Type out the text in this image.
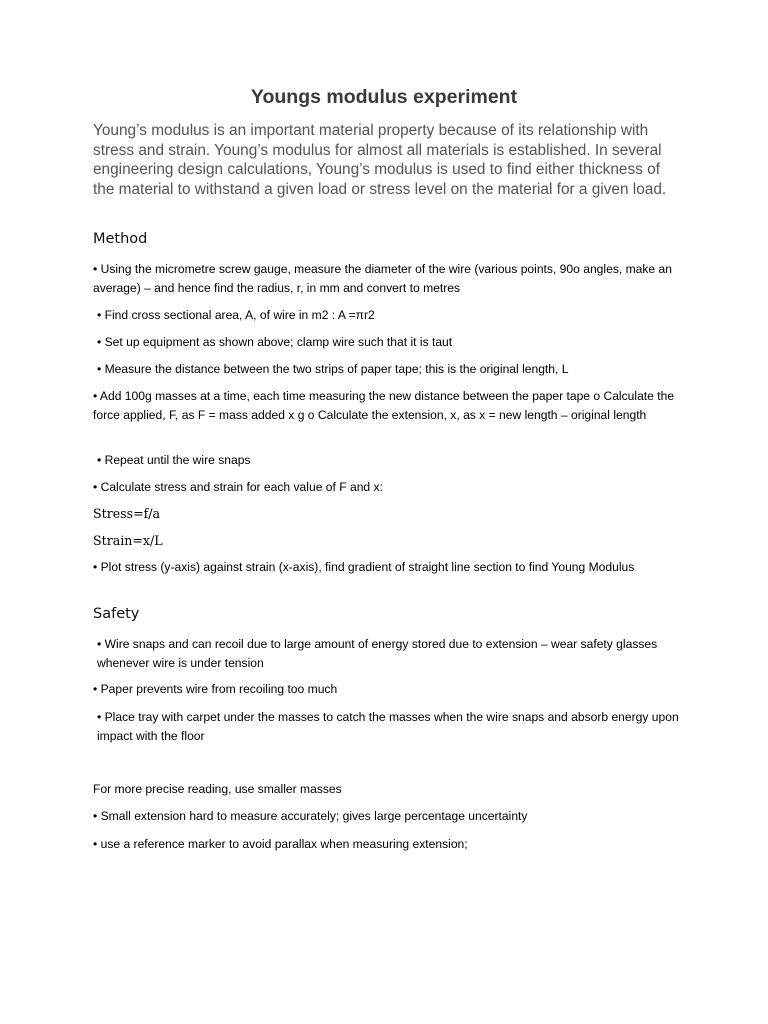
Youngs modulus experiment

Young’s modulus is an important material property because of its relationship with stress and strain. Young’s modulus for almost all materials is established. In several engineering design calculations, Young’s modulus is used to find either thickness of the material to withstand a given load or stress level on the material for a given load.

Method

• Using the micrometre screw gauge, measure the diameter of the wire (various points, 90o angles, make an average) – and hence find the radius, r, in mm and convert to metres

• Find cross sectional area, A, of wire in m2 : A =πr2

• Set up equipment as shown above; clamp wire such that it is taut

• Measure the distance between the two strips of paper tape; this is the original length, L

• Add 100g masses at a time, each time measuring the new distance between the paper tape o Calculate the force applied, F, as F = mass added x g o Calculate the extension, x, as x = new length – original length

• Repeat until the wire snaps

• Calculate stress and strain for each value of F and x:

Stress=f/a
Strain=x/L

• Plot stress (y-axis) against strain (x-axis), find gradient of straight line section to find Young Modulus

Safety

• Wire snaps and can recoil due to large amount of energy stored due to extension – wear safety glasses whenever wire is under tension

• Paper prevents wire from recoiling too much

• Place tray with carpet under the masses to catch the masses when the wire snaps and absorb energy upon impact with the floor

For more precise reading, use smaller masses

• Small extension hard to measure accurately; gives large percentage uncertainty

• use a reference marker to avoid parallax when measuring extension;
